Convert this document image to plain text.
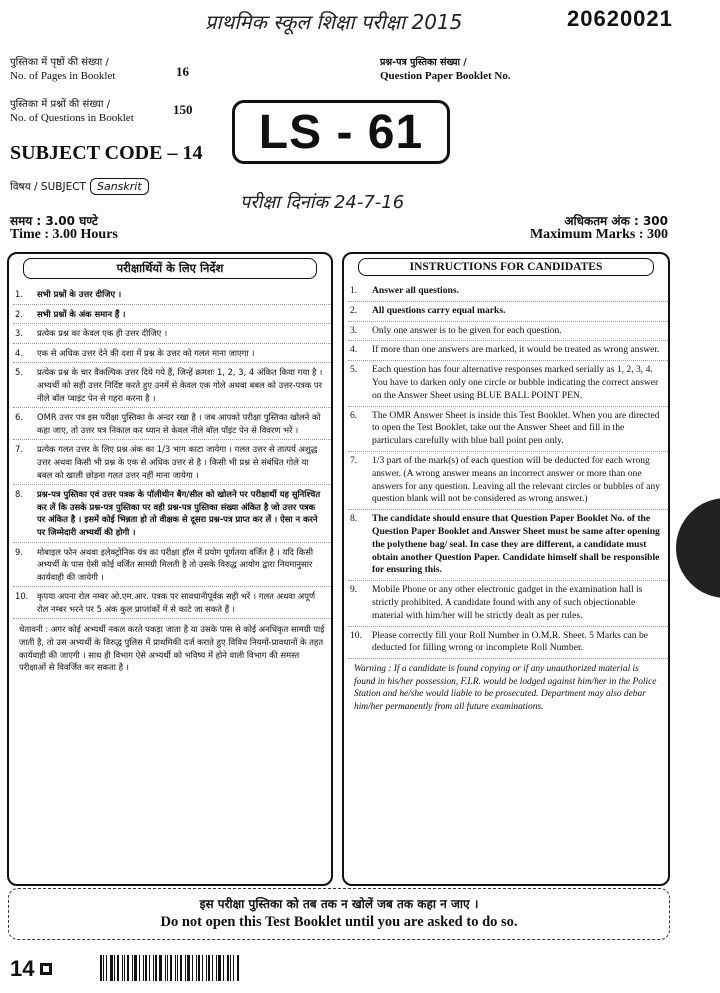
प्राथमिक स्कूल शिक्षा परीक्षा 2015	20620021
पुस्तिका में पृष्ठों की संख्या /
No. of Pages in Booklet	16
पुस्तिका में प्रश्नों की संख्या /
No. of Questions in Booklet
150
प्रश्न-पत्र पुस्तिका संख्या /
Question Paper Booklet No.
LS - 61
SUBJECT CODE – 14
विषय / SUBJECT	Sanskrit
परीक्षा दिनांक 24-7-16
समय : 3.00 घण्टे
Time : 3.00 Hours
अधिकतम अंक : 300
Maximum Marks : 300
परीक्षार्थियों के लिए निर्देश
1.	सभी प्रश्नों के उत्तर दीजिए ।
2.	सभी प्रश्नों के अंक समान हैं ।
3.	प्रत्येक प्रश्न का केवल एक ही उत्तर दीजिए ।
4.	एक से अधिक उत्तर देने की दशा में प्रश्न के उत्तर को गलत माना जाएगा ।
5.	प्रत्येक प्रश्न के चार वैकल्पिक उत्तर दिये गये हैं, जिन्हें क्रमशः 1, 2, 3, 4 अंकित किया गया है । अभ्यर्थी को सही उत्तर निर्दिष्ट करते हुए उनमें से केवल एक गोले अथवा बबल को उत्तर-पत्रक पर नीले बॉल प्वाइंट पेन से गहरा करना है ।
6.	OMR उत्तर पत्र इस परीक्षा पुस्तिका के अन्दर रखा है । जब आपको परीक्षा पुस्तिका खोलने को कहा जाए, तो उत्तर पत्र निकाल कर ध्यान से केवल नीले बॉल पॉइंट पेन से विवरण भरें ।
7.	प्रत्येक गलत उत्तर के लिए प्रश्न अंक का 1/3 भाग काटा जायेगा । गलत उत्तर से तात्पर्य अशुद्ध उत्तर अथवा किसी भी प्रश्न के एक से अधिक उत्तर से है । किसी भी प्रश्न से संबंधित गोले या बबल को खाली छोड़ना गलत उत्तर नहीं माना जायेगा ।
8.	प्रश्न-पत्र पुस्तिका एवं उत्तर पत्रक के पॉलीथीन बैग/सील को खोलने पर परीक्षार्थी यह सुनिश्चित कर लें कि उसके प्रश्न-पत्र पुस्तिका पर वही प्रश्न-पत्र पुस्तिका संख्या अंकित है जो उत्तर पत्रक पर अंकित है । इसमें कोई भिन्नता हो तो वीक्षक से दूसरा प्रश्न-पत्र प्राप्त कर लें । ऐसा न करने पर जिम्मेदारी अभ्यर्थी की होगी ।
9.	मोबाइल फोन अथवा इलेक्ट्रोनिक यंत्र का परीक्षा हॉल में प्रयोग पूर्णतया वर्जित है । यदि किसी अभ्यर्थी के पास ऐसी कोई वर्जित सामग्री मिलती है तो उसके विरुद्ध आयोग द्वारा नियमानुसार कार्यवाही की जायेगी ।
10.	कृपया अपना रोल नम्बर ओ.एम.आर. पत्रक पर सावधानीपूर्वक सही भरें । गलत अथवा अपूर्ण रोल नम्बर भरने पर 5 अंक कुल प्राप्तांकों में से काटे जा सकते हैं ।
चेतावनी : अगर कोई अभ्यर्थी नकल करते पकड़ा जाता है या उसके पास से कोई अनधिकृत सामग्री पाई जाती है, तो उस अभ्यर्थी के विरुद्ध पुलिस में प्राथमिकी दर्ज कराते हुए विविध नियमों-प्रावधानों के तहत कार्यवाही की जाएगी । साथ ही विभाग ऐसे अभ्यर्थी को भविष्य में होने वाली विभाग की समस्त परीक्षाओं से विवर्जित कर सकता है ।
INSTRUCTIONS FOR CANDIDATES
1.	Answer all questions.
2.	All questions carry equal marks.
3.	Only one answer is to be given for each question.
4.	If more than one answers are marked, it would be treated as wrong answer.
5.	Each question has four alternative responses marked serially as 1, 2, 3, 4. You have to darken only one circle or bubble indicating the correct answer on the Answer Sheet using BLUE BALL POINT PEN.
6.	The OMR Answer Sheet is inside this Test Booklet. When you are directed to open the Test Booklet, take out the Answer Sheet and fill in the particulars carefully with blue ball point pen only.
7.	1/3 part of the mark(s) of each question will be deducted for each wrong answer. (A wrong answer means an incorrect answer or more than one answers for any question. Leaving all the relevant circles or bubbles of any question blank will not be considered as wrong answer.)
8.	The candidate should ensure that Question Paper Booklet No. of the Question Paper Booklet and Answer Sheet must be same after opening the polythene bag/ seal. In case they are different, a candidate must obtain another Question Paper. Candidate himself shall be responsible for ensuring this.
9.	Mobile Phone or any other electronic gadget in the examination hall is strictly prohibited. A candidate found with any of such objectionable material with him/her will be strictly dealt as per rules.
10.	Please correctly fill your Roll Number in O.M.R. Sheet. 5 Marks can be deducted for filling wrong or incomplete Roll Number.
Warning : If a candidate is found copying or if any unauthorized material is found in his/her possession, F.I.R. would be lodged against him/her in the Police Station and he/she would liable to be prosecuted. Department may also debar him/her permanently from all future examinations.
इस परीक्षा पुस्तिका को तब तक न खोलें जब तक कहा न जाए ।
Do not open this Test Booklet until you are asked to do so.
14
